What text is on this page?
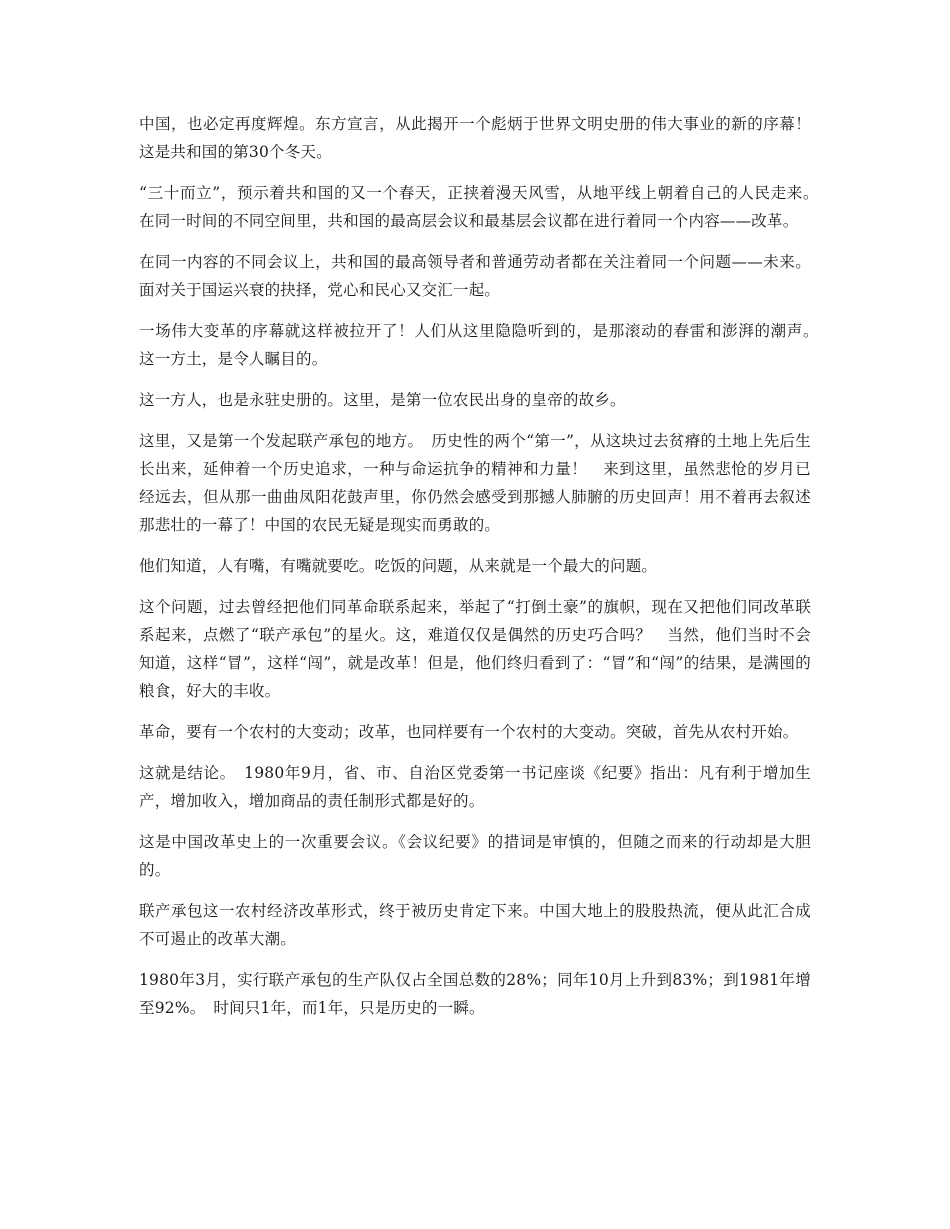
中国，也必定再度辉煌。东方宣言，从此揭开一个彪炳于世界文明史册的伟大事业的新的序幕！　这是共和国的第30个冬天。

“三十而立”，预示着共和国的又一个春天，正挟着漫天风雪，从地平线上朝着自己的人民走来。　在同一时间的不同空间里，共和国的最高层会议和最基层会议都在进行着同一个内容——改革。

在同一内容的不同会议上，共和国的最高领导者和普通劳动者都在关注着同一个问题——未来。面对关于国运兴衰的抉择，党心和民心又交汇一起。

一场伟大变革的序幕就这样被拉开了！人们从这里隐隐听到的，是那滚动的春雷和澎湃的潮声。　这一方土，是令人瞩目的。

这一方人，也是永驻史册的。这里，是第一位农民出身的皇帝的故乡。

这里，又是第一个发起联产承包的地方。　历史性的两个“第一”，从这块过去贫瘠的土地上先后生长出来，延伸着一个历史追求，一种与命运抗争的精神和力量！　来到这里，虽然悲怆的岁月已经远去，但从那一曲曲凤阳花鼓声里，你仍然会感受到那撼人肺腑的历史回声！用不着再去叙述那悲壮的一幕了！中国的农民无疑是现实而勇敢的。

他们知道，人有嘴，有嘴就要吃。吃饭的问题，从来就是一个最大的问题。

这个问题，过去曾经把他们同革命联系起来，举起了“打倒土豪”的旗帜，现在又把他们同改革联系起来，点燃了“联产承包”的星火。这，难道仅仅是偶然的历史巧合吗？　当然，他们当时不会知道，这样“冒”，这样“闯”，就是改革！但是，他们终归看到了：“冒”和“闯”的结果，是满囤的粮食，好大的丰收。

革命，要有一个农村的大变动；改革，也同样要有一个农村的大变动。突破，首先从农村开始。

这就是结论。　1980年9月，省、市、自治区党委第一书记座谈《纪要》指出：凡有利于增加生产，增加收入，增加商品的责任制形式都是好的。

这是中国改革史上的一次重要会议。《会议纪要》的措词是审慎的，但随之而来的行动却是大胆的。

联产承包这一农村经济改革形式，终于被历史肯定下来。中国大地上的股股热流，便从此汇合成不可遏止的改革大潮。

1980年3月，实行联产承包的生产队仅占全国总数的28%；同年10月上升到83%；到1981年增至92%。　时间只1年，而1年，只是历史的一瞬。
